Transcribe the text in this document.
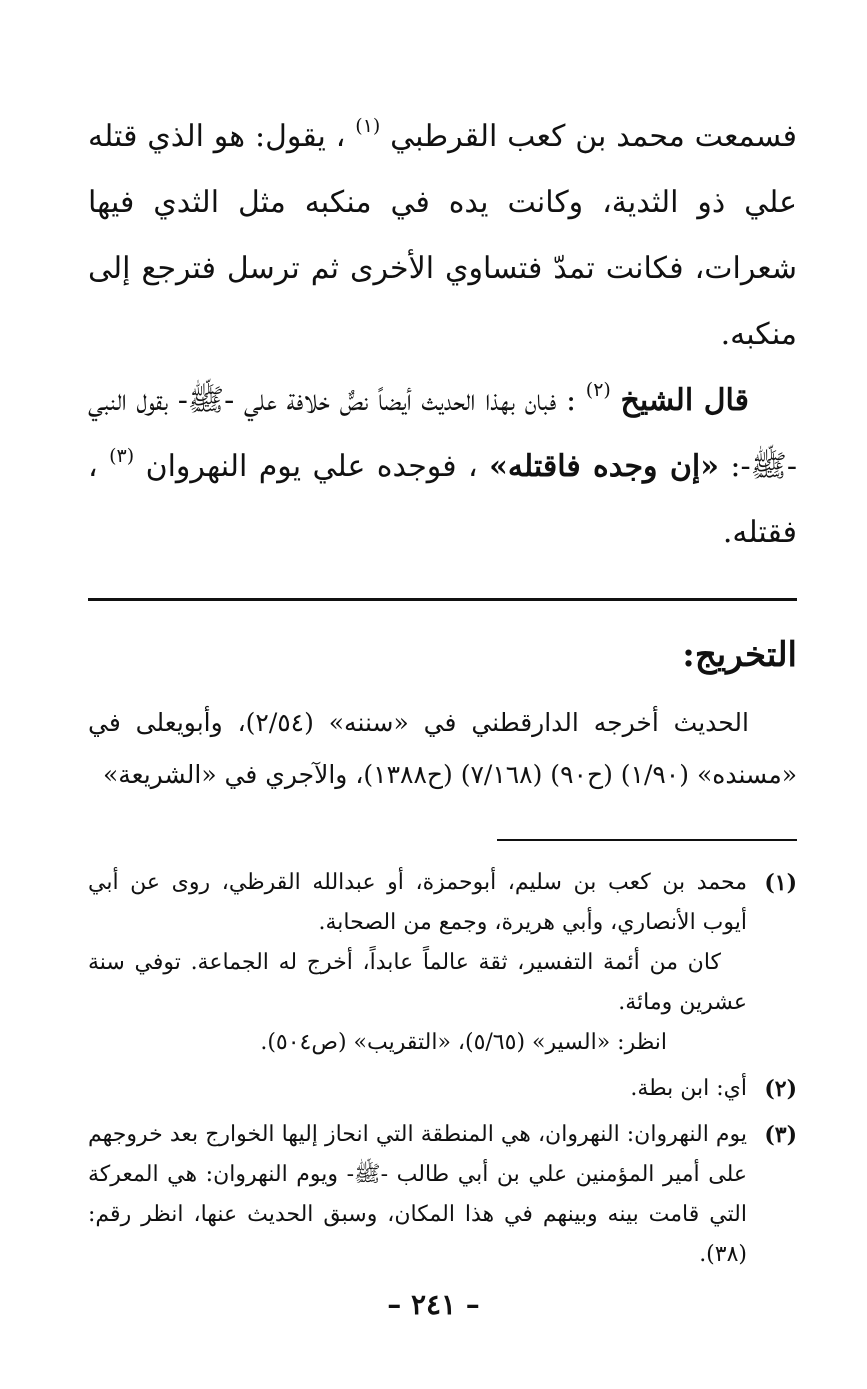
فسمعت محمد بن كعب القرطبي $^{(١)}$ ، يقول: هو الذي قتله علي ذو الثدية، وكانت يده في منكبه مثل الثدي فيها شعرات، فكانت تمدّ فتساوي الأخرى ثم ترسل فترجع إلى منكبه.

قال الشيخ $^{(٢)}$ : فبان بهذا الحديث أيضاً نصٌّ خلافة علي -ﷺ- بقول النبي -ﷺ-: «إن وجده فاقتله» ، فوجده علي يوم النهروان $^{(٣)}$ ، فقتله.

التخريج:

الحديث أخرجه الدارقطني في «سننه» (٢/٥٤)، وأبويعلى في «مسنده» (١/٩٠) (ح٩٠) (٧/١٦٨) (ح١٣٨٨)، والآجري في «الشريعة»

(١)

محمد بن كعب بن سليم، أبوحمزة، أو عبدالله القرظي، روى عن أبي أيوب الأنصاري، وأبي هريرة، وجمع من الصحابة.

كان من أئمة التفسير، ثقة عالماً عابداً، أخرج له الجماعة. توفي سنة عشرين ومائة.

انظر: «السير» (٥/٦٥)، «التقريب» (ص٥٠٤).

(٢)

أي: ابن بطة.

(٣)

يوم النهروان: النهروان، هي المنطقة التي انحاز إليها الخوارج بعد خروجهم على أمير المؤمنين علي بن أبي طالب -ﷺ- ويوم النهروان: هي المعركة التي قامت بينه وبينهم في هذا المكان، وسبق الحديث عنها، انظر رقم: (٣٨).

– ٢٤١ –
